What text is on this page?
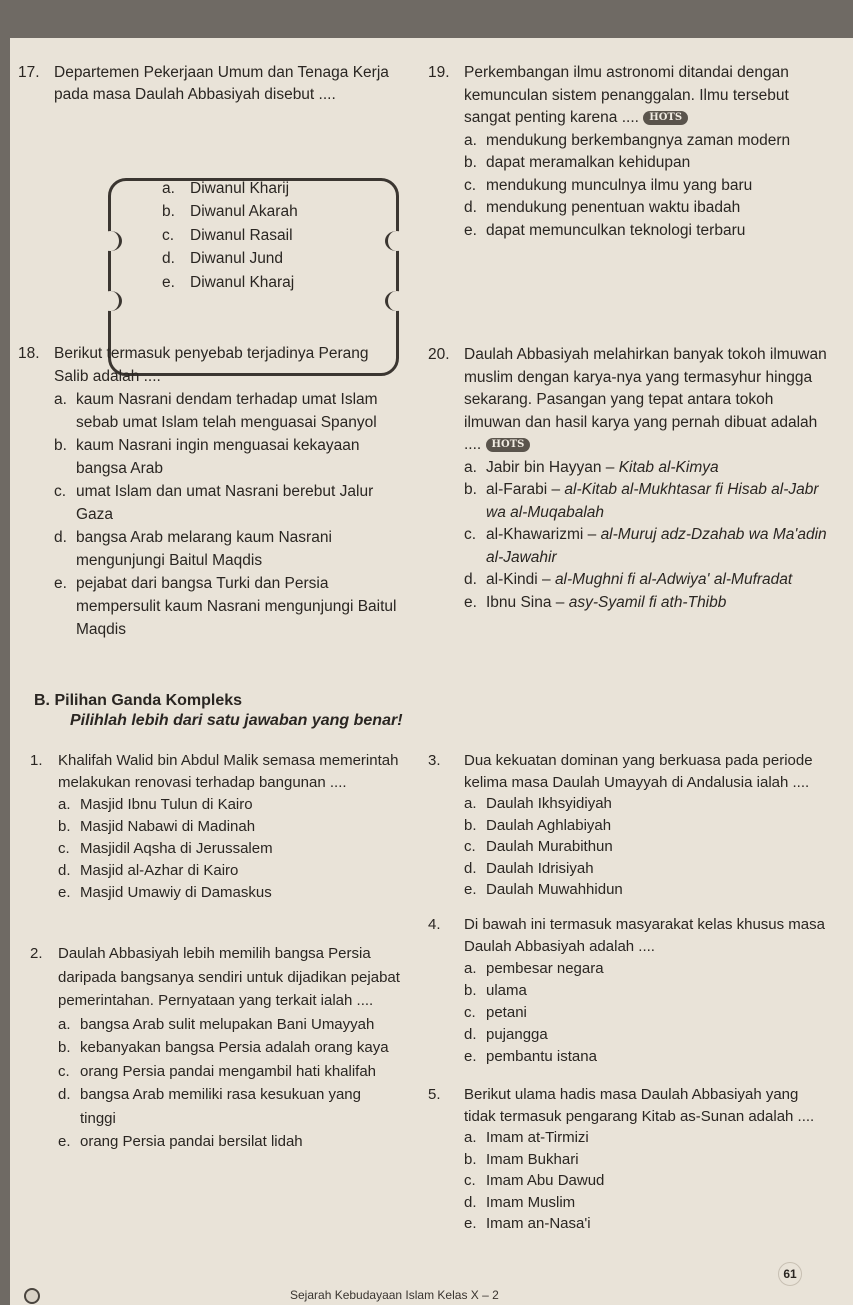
17. Departemen Pekerjaan Umum dan Tenaga Kerja pada masa Daulah Abbasiyah disebut ....
a. Diwanul Kharij
b. Diwanul Akarah
c. Diwanul Rasail
d. Diwanul Jund
e. Diwanul Kharaj
18. Berikut termasuk penyebab terjadinya Perang Salib adalah ....
a. kaum Nasrani dendam terhadap umat Islam sebab umat Islam telah menguasai Spanyol
b. kaum Nasrani ingin menguasai kekayaan bangsa Arab
c. umat Islam dan umat Nasrani berebut Jalur Gaza
d. bangsa Arab melarang kaum Nasrani mengunjungi Baitul Maqdis
e. pejabat dari bangsa Turki dan Persia mempersulit kaum Nasrani mengunjungi Baitul Maqdis
19. Perkembangan ilmu astronomi ditandai dengan kemunculan sistem penanggalan. Ilmu tersebut sangat penting karena .... HOTS
a. mendukung berkembangnya zaman modern
b. dapat meramalkan kehidupan
c. mendukung munculnya ilmu yang baru
d. mendukung penentuan waktu ibadah
e. dapat memunculkan teknologi terbaru
20. Daulah Abbasiyah melahirkan banyak tokoh ilmuwan muslim dengan karya-nya yang termasyhur hingga sekarang. Pasangan yang tepat antara tokoh ilmuwan dan hasil karya yang pernah dibuat adalah .... HOTS
a. Jabir bin Hayyan – Kitab al-Kimya
b. al-Farabi – al-Kitab al-Mukhtasar fi Hisab al-Jabr wa al-Muqabalah
c. al-Khawarizmi – al-Muruj adz-Dzahab wa Ma'adin al-Jawahir
d. al-Kindi – al-Mughni fi al-Adwiya' al-Mufradat
e. Ibnu Sina – asy-Syamil fi ath-Thibb
B. Pilihan Ganda Kompleks
Pilihlah lebih dari satu jawaban yang benar!
1.	Khalifah Walid bin Abdul Malik semasa memerintah melakukan renovasi terhadap bangunan ....
a. Masjid Ibnu Tulun di Kairo
b. Masjid Nabawi di Madinah
c. Masjidil Aqsha di Jerussalem
d. Masjid al-Azhar di Kairo
e. Masjid Umawiy di Damaskus
2.	Daulah Abbasiyah lebih memilih bangsa Persia daripada bangsanya sendiri untuk dijadikan pejabat pemerintahan. Pernyataan yang terkait ialah ....
a. bangsa Arab sulit melupakan Bani Umayyah
b. kebanyakan bangsa Persia adalah orang kaya
c. orang Persia pandai mengambil hati khalifah
d. bangsa Arab memiliki rasa kesukuan yang tinggi
e. orang Persia pandai bersilat lidah
3.	Dua kekuatan dominan yang berkuasa pada periode kelima masa Daulah Umayyah di Andalusia ialah ....
a. Daulah Ikhsyidiyah
b. Daulah Aghlabiyah
c. Daulah Murabithun
d. Daulah Idrisiyah
e. Daulah Muwahhidun
4.	Di bawah ini termasuk masyarakat kelas khusus masa Daulah Abbasiyah adalah ....
a. pembesar negara
b. ulama
c. petani
d. pujangga
e. pembantu istana
5.	Berikut ulama hadis masa Daulah Abbasiyah yang tidak termasuk pengarang Kitab as-Sunan adalah ....
a. Imam at-Tirmizi
b. Imam Bukhari
c. Imam Abu Dawud
d. Imam Muslim
e. Imam an-Nasa'i
Sejarah Kebudayaan Islam Kelas X – 2
61
